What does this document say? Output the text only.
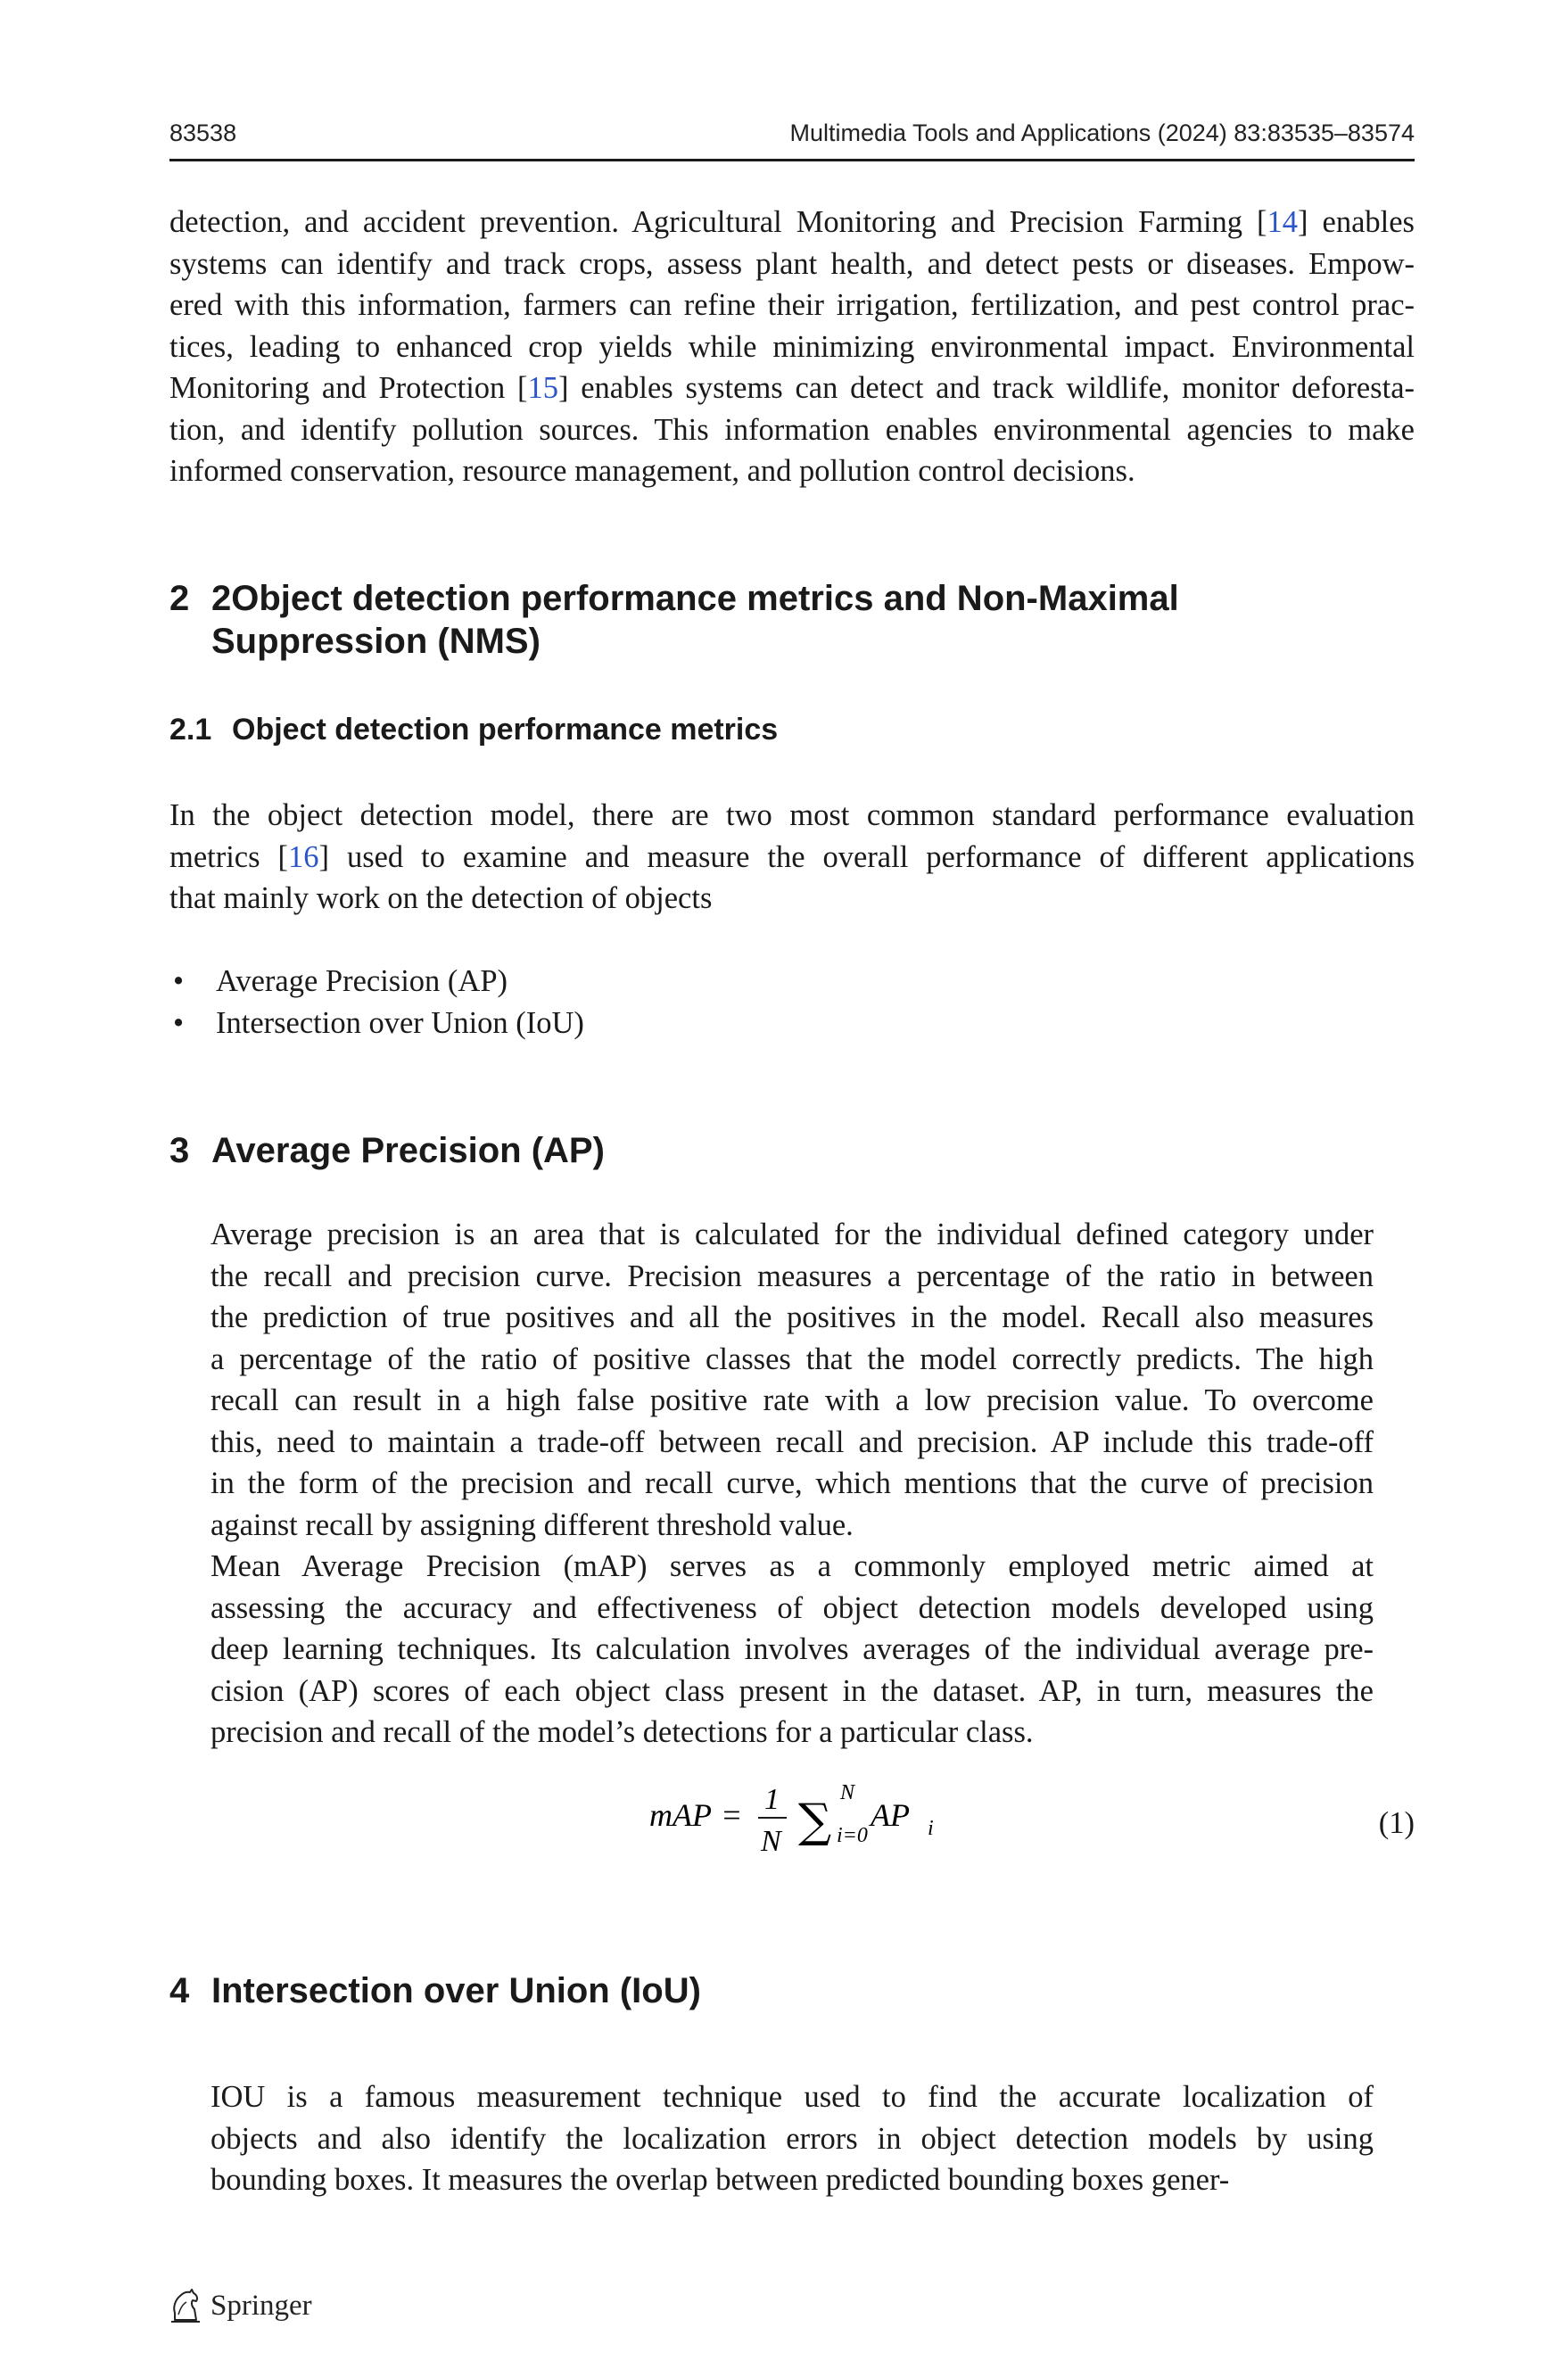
83538	Multimedia Tools and Applications (2024) 83:83535–83574
detection, and accident prevention. Agricultural Monitoring and Precision Farming [14] enables
systems can identify and track crops, assess plant health, and detect pests or diseases. Empow-
ered with this information, farmers can refine their irrigation, fertilization, and pest control prac-
tices, leading to enhanced crop yields while minimizing environmental impact. Environmental
Monitoring and Protection [15] enables systems can detect and track wildlife, monitor deforesta-
tion, and identify pollution sources. This information enables environmental agencies to make
informed conservation, resource management, and pollution control decisions.
2 2Object detection performance metrics and Non-Maximal
Suppression (NMS)
2.1 Object detection performance metrics
In the object detection model, there are two most common standard performance evaluation
metrics [16] used to examine and measure the overall performance of different applications
that mainly work on the detection of objects
• Average Precision (AP)
• Intersection over Union (IoU)
3 Average Precision (AP)
Average precision is an area that is calculated for the individual defined category under
the recall and precision curve. Precision measures a percentage of the ratio in between
the prediction of true positives and all the positives in the model. Recall also measures
a percentage of the ratio of positive classes that the model correctly predicts. The high
recall can result in a high false positive rate with a low precision value. To overcome
this, need to maintain a trade-off between recall and precision. AP include this trade-off
in the form of the precision and recall curve, which mentions that the curve of precision
against recall by assigning different threshold value.
Mean Average Precision (mAP) serves as a commonly employed metric aimed at
assessing the accuracy and effectiveness of object detection models developed using
deep learning techniques. Its calculation involves averages of the individual average pre-
cision (AP) scores of each object class present in the dataset. AP, in turn, measures the
precision and recall of the model’s detections for a particular class.
mAP = 1
N ∑
N
i=0
AP i	(1)
4 Intersection over Union (IoU)
IOU is a famous measurement technique used to find the accurate localization of
objects and also identify the localization errors in object detection models by using
bounding boxes. It measures the overlap between predicted bounding boxes gener-
Springer
